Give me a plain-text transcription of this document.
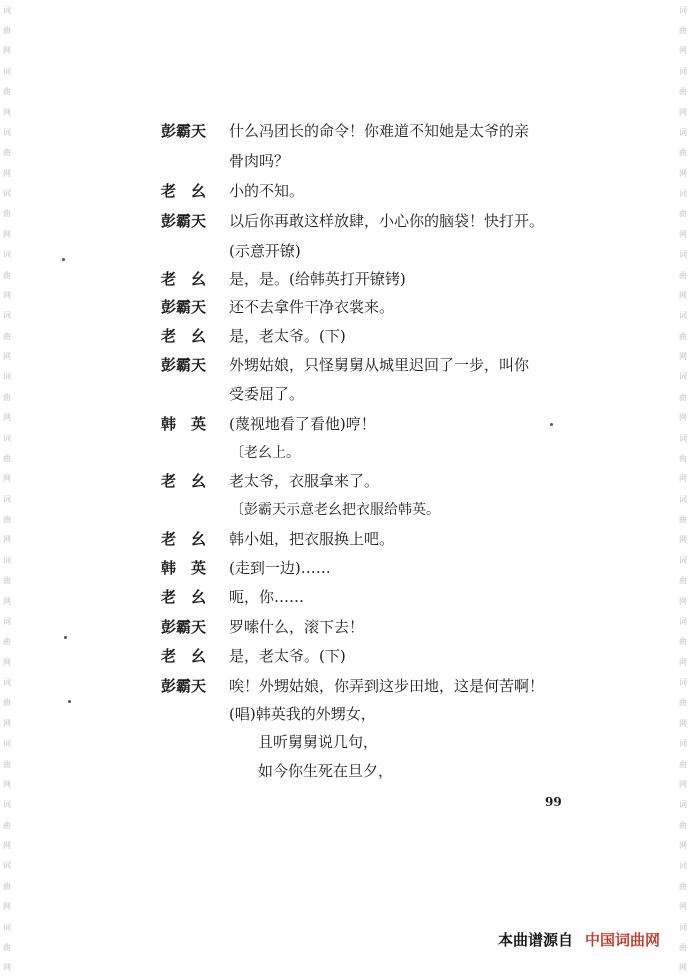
词
曲
网
词
曲
网
词
曲
网
词
曲
网
词
曲
网
词
曲
网
词
曲
网
词
曲
网
词
曲
网
词
曲
网
词
曲
网
词
曲
网
词
曲
网
词
曲
网
词
曲
网
词
曲
网
词
曲
网
词
曲
网
词
曲
网
词
曲
网
词
曲
网
词
曲
网
词
曲
网
词
曲
网
词
曲
网
词
曲
网
词
曲
网
词
曲
网
词
曲
网
词
曲
网
词
曲
网
词
曲
网
彭霸天	什么冯团长的命令！你难道不知她是太爷的亲
骨肉吗？
老　幺	小的不知。
彭霸天	以后你再敢这样放肆，小心你的脑袋！快打开。
(示意开镣)
老　幺	是，是。(给韩英打开镣铐)
彭霸天	还不去拿件干净衣裳来。
老　幺	是，老太爷。(下)
彭霸天	外甥姑娘，只怪舅舅从城里迟回了一步，叫你
受委屈了。
韩　英	(蔑视地看了看他)哼！
〔老幺上。
老　幺	老太爷，衣服拿来了。
〔彭霸天示意老幺把衣服给韩英。
老　幺	韩小姐，把衣服换上吧。
韩　英	(走到一边)……
老　幺	呃，你……
彭霸天	罗嗦什么，滚下去！
老　幺	是，老太爷。(下)
彭霸天	唉！外甥姑娘，你弄到这步田地，这是何苦啊！
(唱)韩英我的外甥女，
且听舅舅说几句，
如今你生死在旦夕，
99
本曲谱源自 中国词曲网
